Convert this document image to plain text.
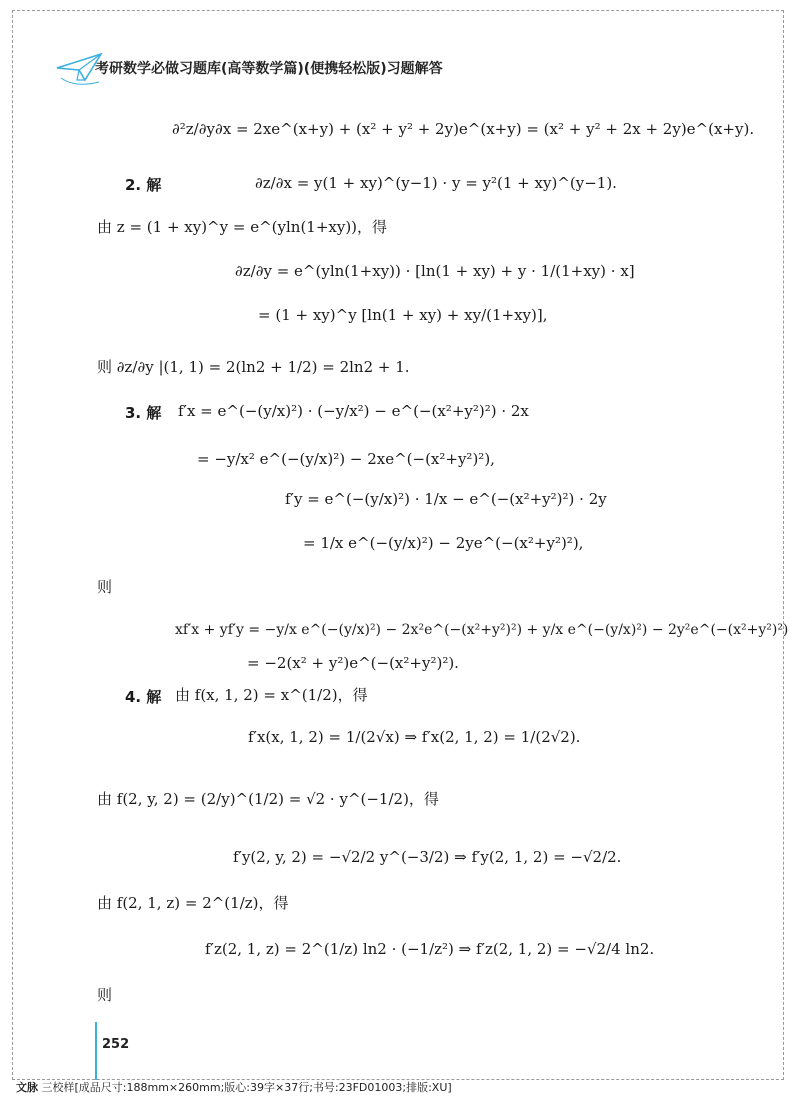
考研数学必做习题库(高等数学篇)(便携轻松版)习题解答
∂²z/∂y∂x = 2xe^(x+y) + (x² + y² + 2y)e^(x+y) = (x² + y² + 2x + 2y)e^(x+y).
2. 解	∂z/∂x = y(1 + xy)^(y−1) · y = y²(1 + xy)^(y−1).
由 z = (1 + xy)^y = e^(yln(1+xy))，得
∂z/∂y = e^(yln(1+xy)) · [ln(1 + xy) + y · 1/(1+xy) · x]
= (1 + xy)^y [ln(1 + xy) + xy/(1+xy)],
则 ∂z/∂y |(1, 1) = 2(ln2 + 1/2) = 2ln2 + 1.
3. 解 f′x = e^(−(y/x)²) · (−y/x²) − e^(−(x²+y²)²) · 2x
= −y/x² e^(−(y/x)²) − 2xe^(−(x²+y²)²),
f′y = e^(−(y/x)²) · 1/x − e^(−(x²+y²)²) · 2y
= 1/x e^(−(y/x)²) − 2ye^(−(x²+y²)²),
则
xf′x + yf′y = −y/x e^(−(y/x)²) − 2x²e^(−(x²+y²)²) + y/x e^(−(y/x)²) − 2y²e^(−(x²+y²)²)
= −2(x² + y²)e^(−(x²+y²)²).
4. 解 由 f(x, 1, 2) = x^(1/2)，得
f′x(x, 1, 2) = 1/(2√x) ⇒ f′x(2, 1, 2) = 1/(2√2).
由 f(2, y, 2) = (2/y)^(1/2) = √2 · y^(−1/2)，得
f′y(2, y, 2) = −√2/2 y^(−3/2) ⇒ f′y(2, 1, 2) = −√2/2.
由 f(2, 1, z) = 2^(1/z)，得
f′z(2, 1, z) = 2^(1/z) ln2 · (−1/z²) ⇒ f′z(2, 1, 2) = −√2/4 ln2.
则
252
文脉 三校样[成品尺寸:188mm×260mm;版心:39字×37行;书号:23FD01003;排版:XU]
